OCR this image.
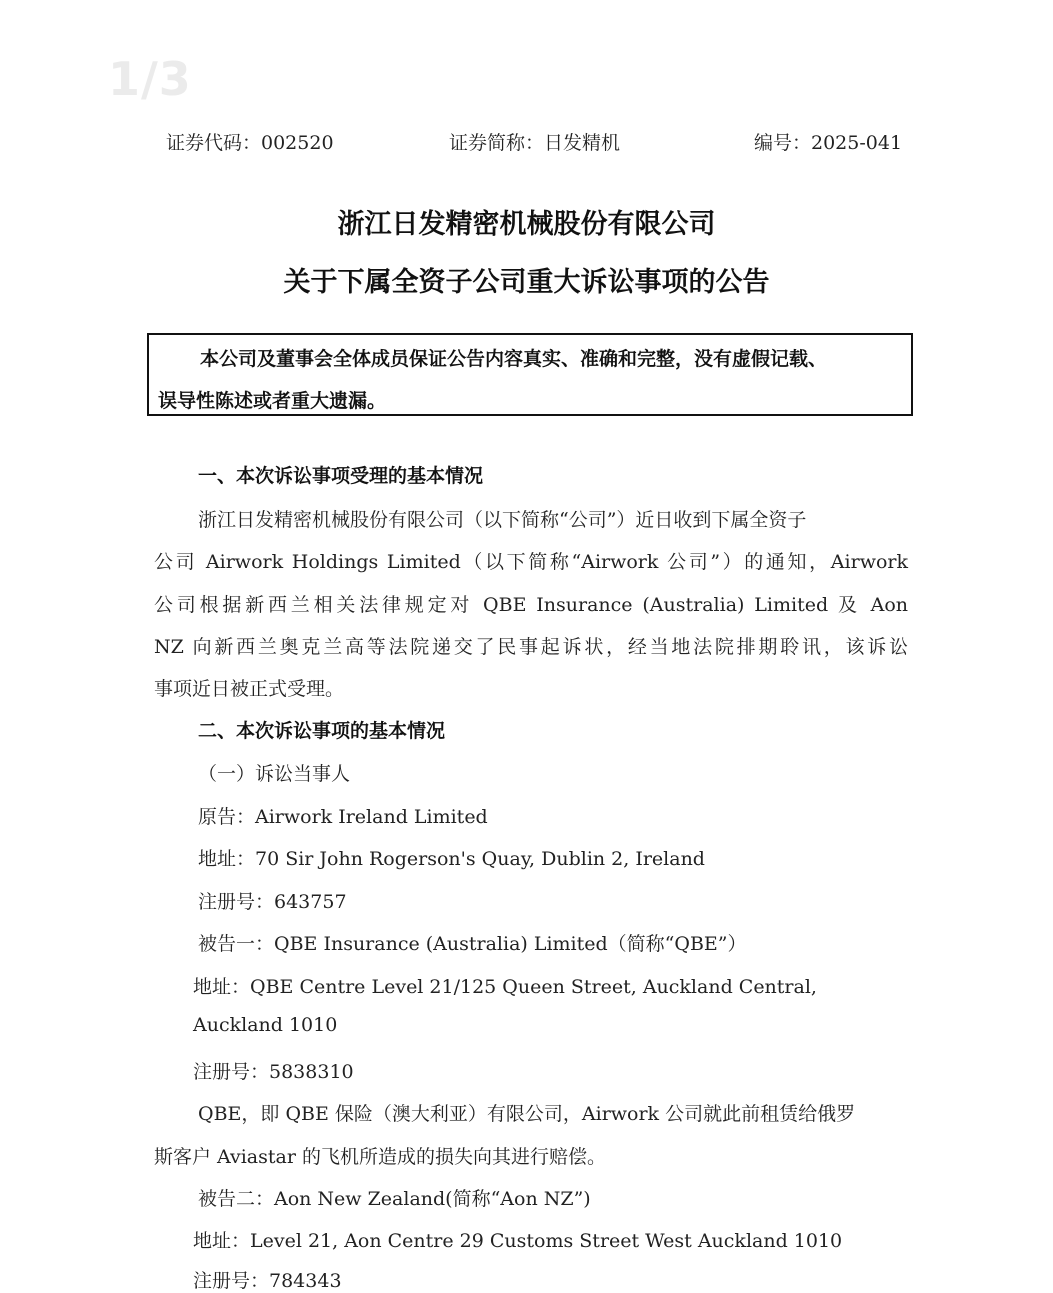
1/3
证券代码：002520	证券简称：日发精机	编号：2025-041
浙江日发精密机械股份有限公司
关于下属全资子公司重大诉讼事项的公告
本公司及董事会全体成员保证公告内容真实、准确和完整，没有虚假记载、
误导性陈述或者重大遗漏。
一、本次诉讼事项受理的基本情况
浙江日发精密机械股份有限公司（以下简称“公司”）近日收到下属全资子
公司 Airwork Holdings Limited（以下简称“Airwork 公司”）的通知，Airwork
公司根据新西兰相关法律规定对 QBE Insurance (Australia) Limited 及 Aon
NZ 向新西兰奥克兰高等法院递交了民事起诉状，经当地法院排期聆讯，该诉讼
事项近日被正式受理。
二、本次诉讼事项的基本情况
（一）诉讼当事人
原告：Airwork Ireland Limited
地址：70 Sir John Rogerson's Quay, Dublin 2, Ireland
注册号：643757
被告一：QBE Insurance (Australia) Limited（简称“QBE”）
地址：QBE Centre Level 21/125 Queen Street, Auckland Central,
Auckland 1010
注册号：5838310
QBE，即 QBE 保险（澳大利亚）有限公司，Airwork 公司就此前租赁给俄罗
斯客户 Aviastar 的飞机所造成的损失向其进行赔偿。
被告二：Aon New Zealand(简称“Aon NZ”)
地址：Level 21, Aon Centre 29 Customs Street West Auckland 1010
注册号：784343
